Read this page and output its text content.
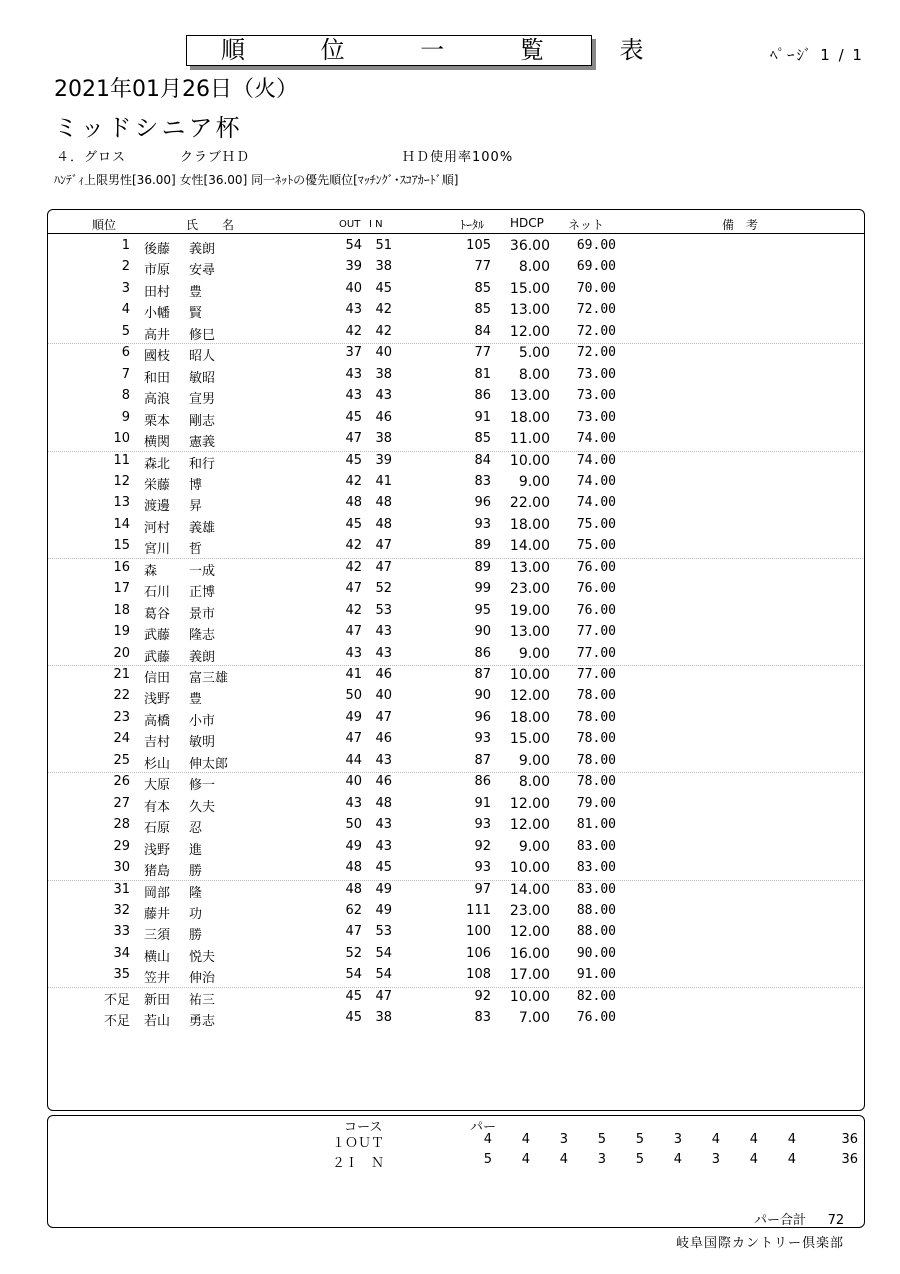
順 位 一 覧 表	ﾍﾟｰｼﾞ 1 / 1
2021年01月26日（火）
ミッドシニア杯
４．グロス	クラブＨＤ	ＨＤ使用率100%
ﾊﾝﾃﾞｨ上限男性[36.00] 女性[36.00] 同一ﾈｯﾄの優先順位[ﾏｯﾁﾝｸﾞ･ｽｺｱｶｰﾄﾞ順]
順位	氏　　名	OUT I N	ﾄｰﾀﾙ HDCP ネット	備　考
1 後藤	義朗	54	51	105	36.00	69.00
2 市原	安尋	39	38	77	8.00	69.00
3 田村	豊	40	45	85	15.00	70.00
4 小幡	賢	43	42	85	13.00	72.00
5 高井	修巳	42	42	84	12.00	72.00
6 國枝	昭人	37	40	77	5.00	72.00
7 和田	敏昭	43	38	81	8.00	73.00
8 高浪	宣男	43	43	86	13.00	73.00
9 栗本	剛志	45	46	91	18.00	73.00
10 横関	憲義	47	38	85	11.00	74.00
11 森北	和行	45	39	84	10.00	74.00
12 栄藤	博	42	41	83	9.00	74.00
13 渡邊	昇	48	48	96	22.00	74.00
14 河村	義雄	45	48	93	18.00	75.00
15 宮川	哲	42	47	89	14.00	75.00
16 森	一成	42	47	89	13.00	76.00
17 石川	正博	47	52	99	23.00	76.00
18 葛谷	景市	42	53	95	19.00	76.00
19 武藤	隆志	47	43	90	13.00	77.00
20 武藤	義朗	43	43	86	9.00	77.00
21 信田	富三雄	41	46	87	10.00	77.00
22 浅野	豊	50	40	90	12.00	78.00
23 高橋	小市	49	47	96	18.00	78.00
24 吉村	敏明	47	46	93	15.00	78.00
25 杉山	伸太郎	44	43	87	9.00	78.00
26 大原	修一	40	46	86	8.00	78.00
27 有本	久夫	43	48	91	12.00	79.00
28 石原	忍	50	43	93	12.00	81.00
29 浅野	進	49	43	92	9.00	83.00
30 猪島	勝	48	45	93	10.00	83.00
31 岡部	隆	48	49	97	14.00	83.00
32 藤井	功	62	49	111	23.00	88.00
33 三須	勝	47	53	100	12.00	88.00
34 横山	悦夫	52	54	106	16.00	90.00
35 笠井	伸治	54	54	108	17.00	91.00
不足 新田	祐三	45	47	92	10.00	82.00
不足 若山	勇志	45	38	83	7.00	76.00
コース	パー
１ＯＵＴ	4	4	3	5	5	3	4	4	4	36
２Ｉ　Ｎ	5	4	4	3	5	4	3	4	4	36
パー合計 72
岐阜国際カントリー倶楽部
